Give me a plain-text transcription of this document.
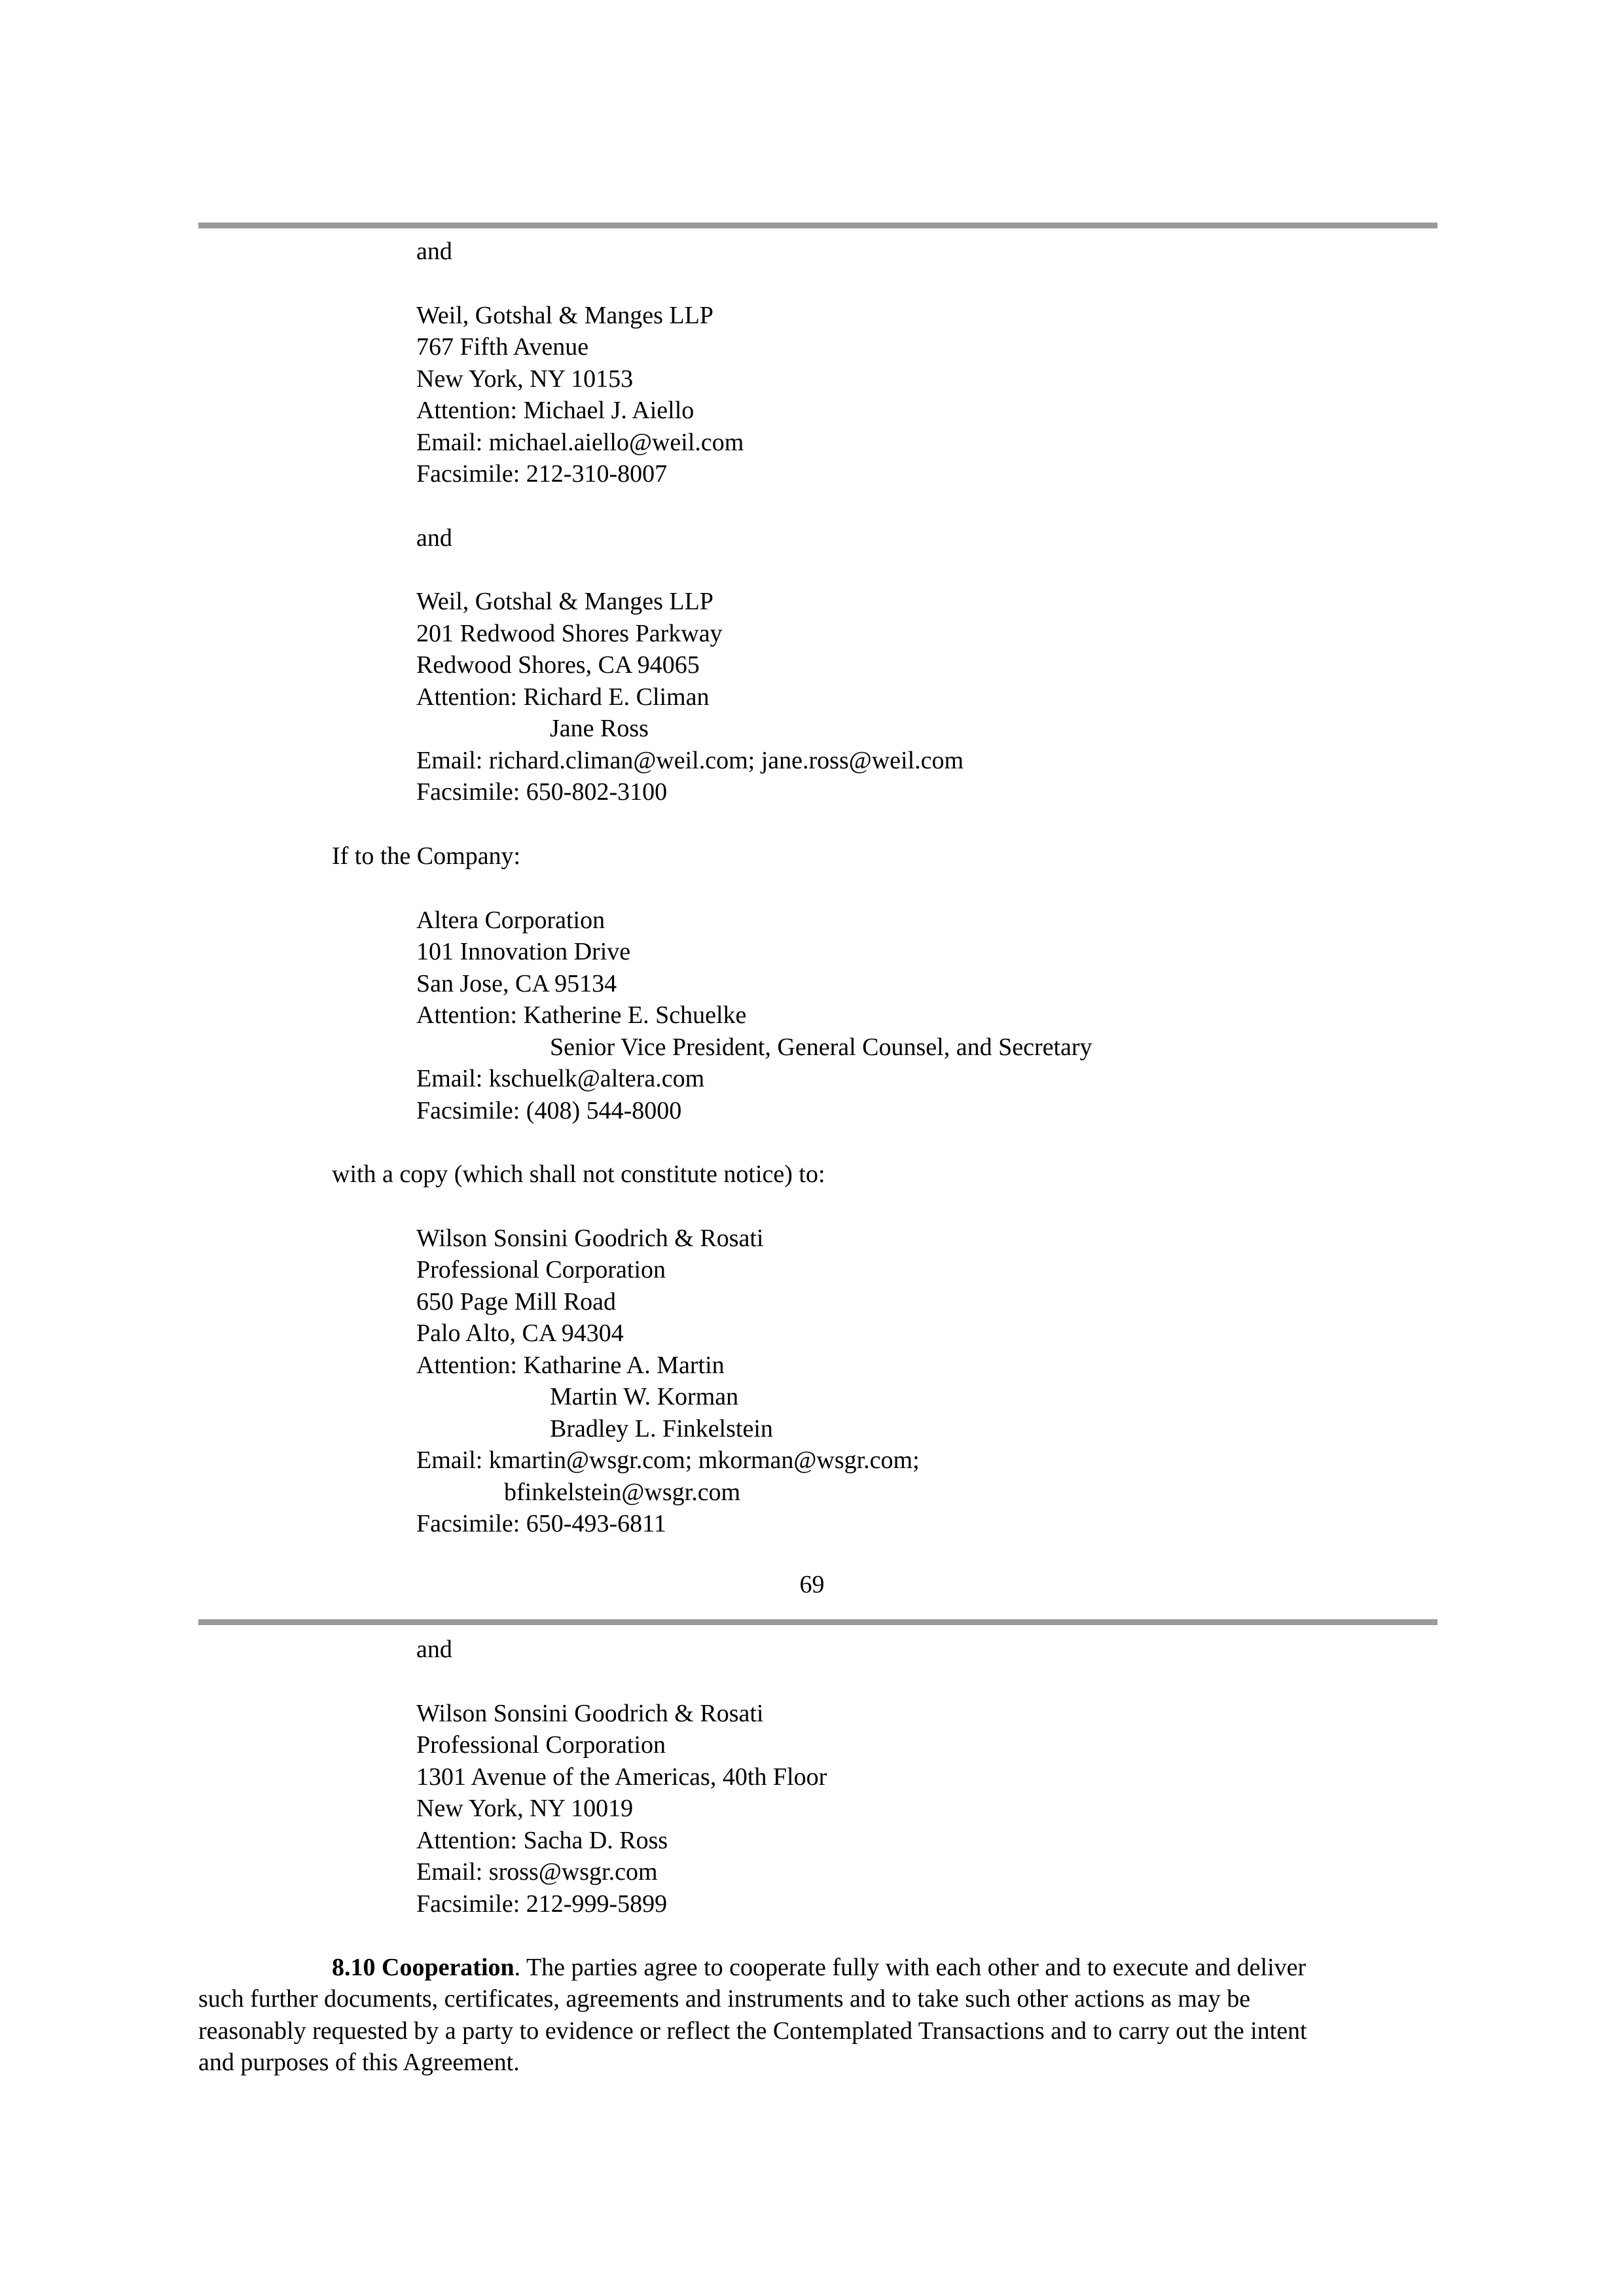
and
Weil, Gotshal & Manges LLP
767 Fifth Avenue
New York, NY 10153
Attention: Michael J. Aiello
Email: michael.aiello@weil.com
Facsimile: 212-310-8007
and
Weil, Gotshal & Manges LLP
201 Redwood Shores Parkway
Redwood Shores, CA 94065
Attention: Richard E. Climan
Jane Ross
Email: richard.climan@weil.com; jane.ross@weil.com
Facsimile: 650-802-3100
If to the Company:
Altera Corporation
101 Innovation Drive
San Jose, CA 95134
Attention: Katherine E. Schuelke
Senior Vice President, General Counsel, and Secretary
Email: kschuelk@altera.com
Facsimile: (408) 544-8000
with a copy (which shall not constitute notice) to:
Wilson Sonsini Goodrich & Rosati
Professional Corporation
650 Page Mill Road
Palo Alto, CA 94304
Attention: Katharine A. Martin
Martin W. Korman
Bradley L. Finkelstein
Email: kmartin@wsgr.com; mkorman@wsgr.com;
bfinkelstein@wsgr.com
Facsimile: 650-493-6811
69
and
Wilson Sonsini Goodrich & Rosati
Professional Corporation
1301 Avenue of the Americas, 40th Floor
New York, NY 10019
Attention: Sacha D. Ross
Email: sross@wsgr.com
Facsimile: 212-999-5899
8.10 Cooperation. The parties agree to cooperate fully with each other and to execute and deliver
such further documents, certificates, agreements and instruments and to take such other actions as may be
reasonably requested by a party to evidence or reflect the Contemplated Transactions and to carry out the intent
and purposes of this Agreement.
